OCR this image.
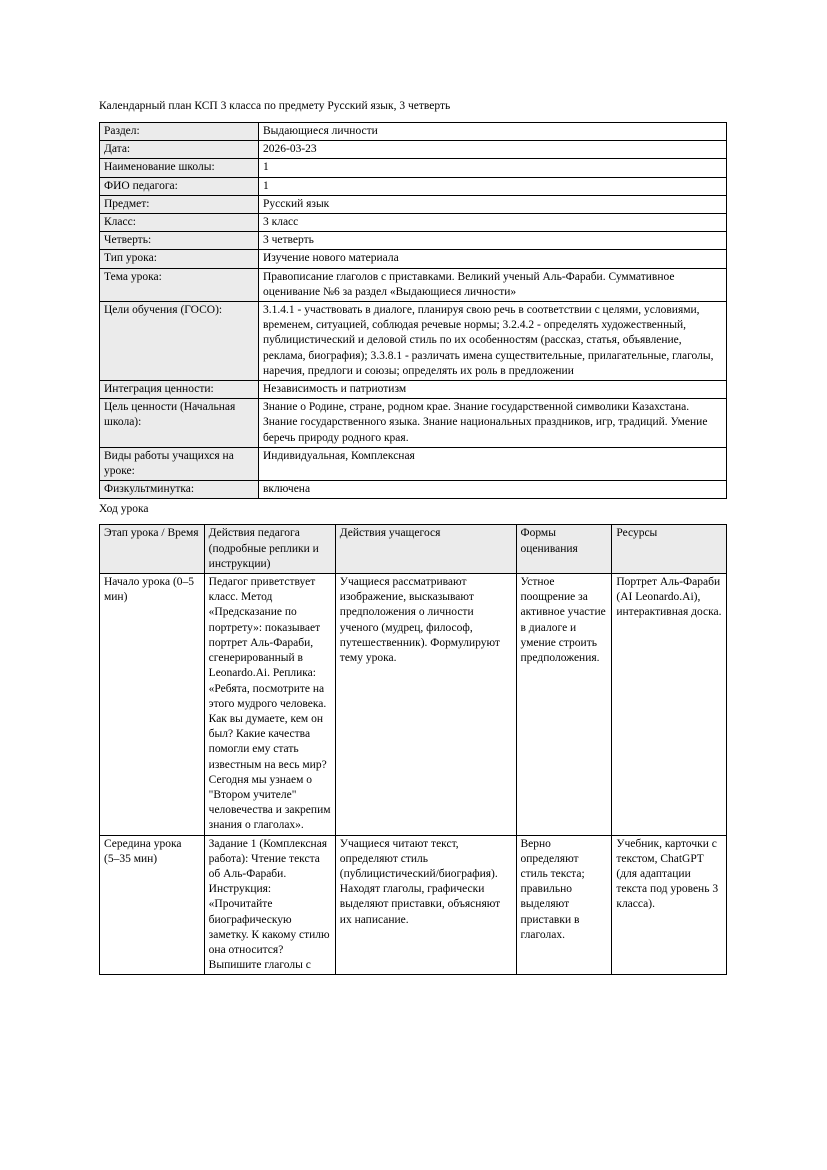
Календарный план КСП 3 класса по предмету Русский язык, 3 четверть
Раздел:	Выдающиеся личности
Дата:	2026-03-23
Наименование школы:	1
ФИО педагога:	1
Предмет:	Русский язык
Класс:	3 класс
Четверть:	3 четверть
Тип урока:	Изучение нового материала
Тема урока:	Правописание глаголов с приставками. Великий ученый Аль-Фараби. Суммативное оценивание №6 за раздел «Выдающиеся личности»
Цели обучения (ГОСО):	3.1.4.1 - участвовать в диалоге, планируя свою речь в соответствии с целями, условиями, временем, ситуацией, соблюдая речевые нормы; 3.2.4.2 - определять художественный, публицистический и деловой стиль по их особенностям (рассказ, статья, объявление, реклама, биография); 3.3.8.1 - различать имена существительные, прилагательные, глаголы, наречия, предлоги и союзы; определять их роль в предложении
Интеграция ценности:	Независимость и патриотизм
Цель ценности (Начальная школа):	Знание о Родине, стране, родном крае. Знание государственной символики Казахстана. Знание государственного языка. Знание национальных праздников, игр, традиций. Умение беречь природу родного края.
Виды работы учащихся на уроке:	Индивидуальная, Комплексная
Физкультминутка:	включена
Ход урока
Этап урока / Время	Действия педагога (подробные реплики и инструкции)	Действия учащегося	Формы оценивания	Ресурсы
Начало урока (0–5 мин)	Педагог приветствует класс. Метод «Предсказание по портрету»: показывает портрет Аль-Фараби, сгенерированный в Leonardo.Ai. Реплика: «Ребята, посмотрите на этого мудрого человека. Как вы думаете, кем он был? Какие качества помогли ему стать известным на весь мир? Сегодня мы узнаем о "Втором учителе" человечества и закрепим знания о глаголах».	Учащиеся рассматривают изображение, высказывают предположения о личности ученого (мудрец, философ, путешественник). Формулируют тему урока.	Устное поощрение за активное участие в диалоге и умение строить предположения.	Портрет Аль-Фараби (AI Leonardo.Ai), интерактивная доска.
Середина урока (5–35 мин)	Задание 1 (Комплексная работа): Чтение текста об Аль-Фараби. Инструкция: «Прочитайте биографическую заметку. К какому стилю она относится? Выпишите глаголы с	Учащиеся читают текст, определяют стиль (публицистический/биография). Находят глаголы, графически выделяют приставки, объясняют их написание.	Верно определяют стиль текста; правильно выделяют приставки в глаголах.	Учебник, карточки с текстом, ChatGPT (для адаптации текста под уровень 3 класса).
